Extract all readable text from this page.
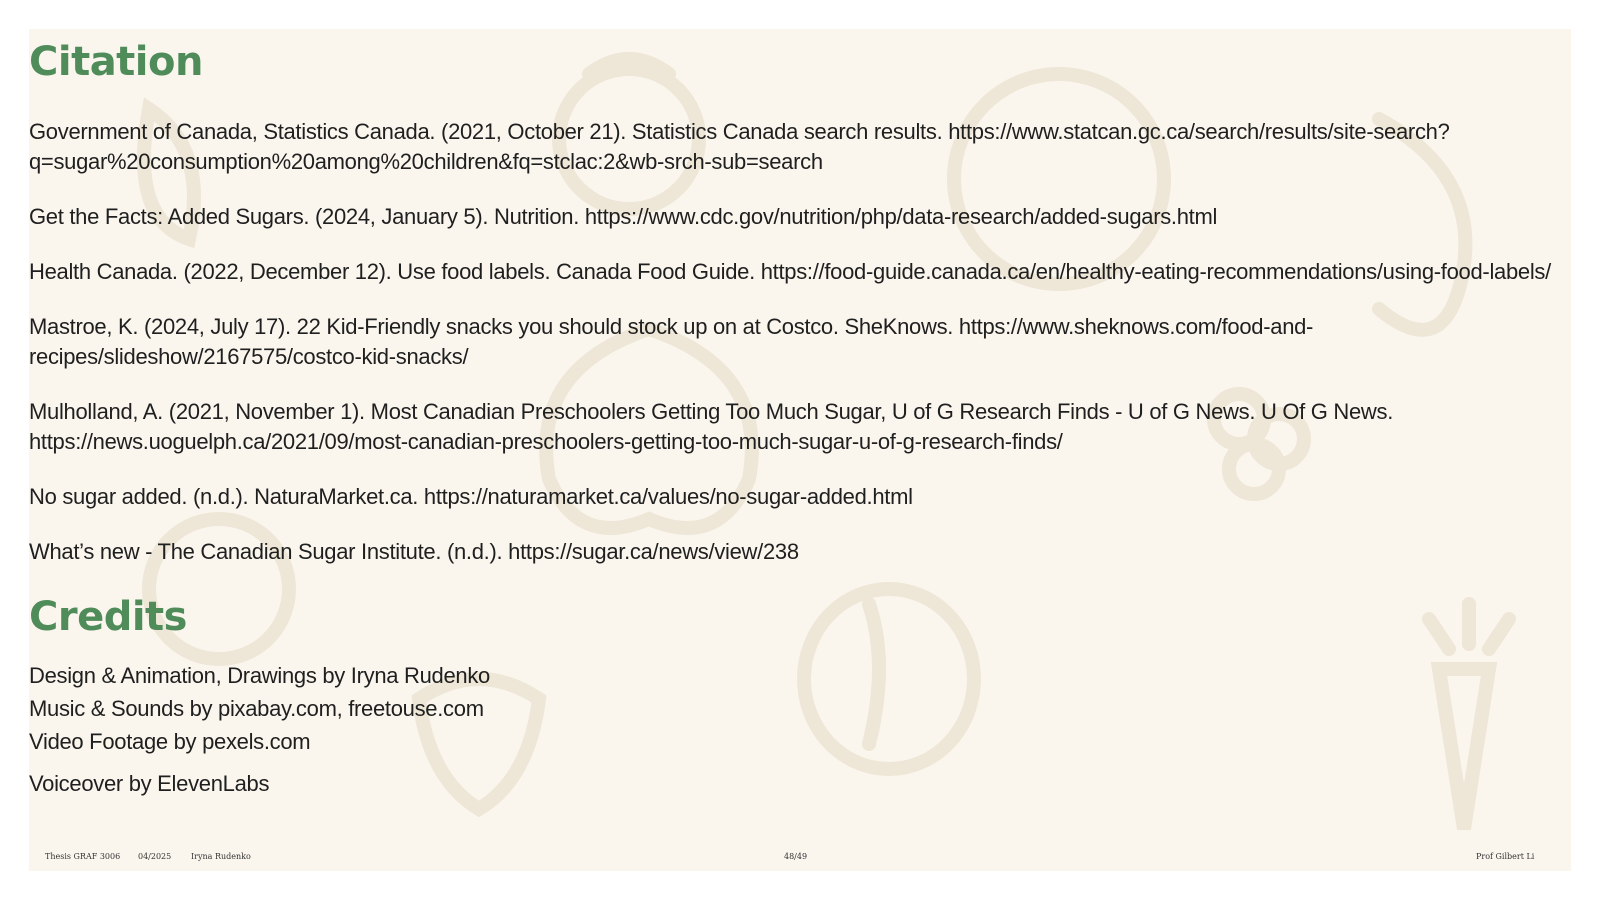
Citation
Government of Canada, Statistics Canada. (2021, October 21). Statistics Canada search results. https://www.statcan.gc.ca/search/results/site-search?q=sugar%20consumption%20among%20children&fq=stclac:2&wb-srch-sub=search
Get the Facts: Added Sugars. (2024, January 5). Nutrition. https://www.cdc.gov/nutrition/php/data-research/added-sugars.html
Health Canada. (2022, December 12). Use food labels. Canada Food Guide. https://food-guide.canada.ca/en/healthy-eating-recommendations/using-food-labels/
Mastroe, K. (2024, July 17). 22 Kid-Friendly snacks you should stock up on at Costco. SheKnows. https://www.sheknows.com/food-and-recipes/slideshow/2167575/costco-kid-snacks/
Mulholland, A. (2021, November 1). Most Canadian Preschoolers Getting Too Much Sugar, U of G Research Finds - U of G News. U Of G News. https://news.uoguelph.ca/2021/09/most-canadian-preschoolers-getting-too-much-sugar-u-of-g-research-finds/
No sugar added. (n.d.). NaturaMarket.ca. https://naturamarket.ca/values/no-sugar-added.html
What’s new - The Canadian Sugar Institute. (n.d.). https://sugar.ca/news/view/238
Credits
Design & Animation, Drawings by Iryna Rudenko
Music & Sounds by pixabay.com, freetouse.com
Video Footage by pexels.com
Voiceover by ElevenLabs
Thesis GRAF 3006 04/2025 Iryna Rudenko	48/49	Prof Gilbert Li
